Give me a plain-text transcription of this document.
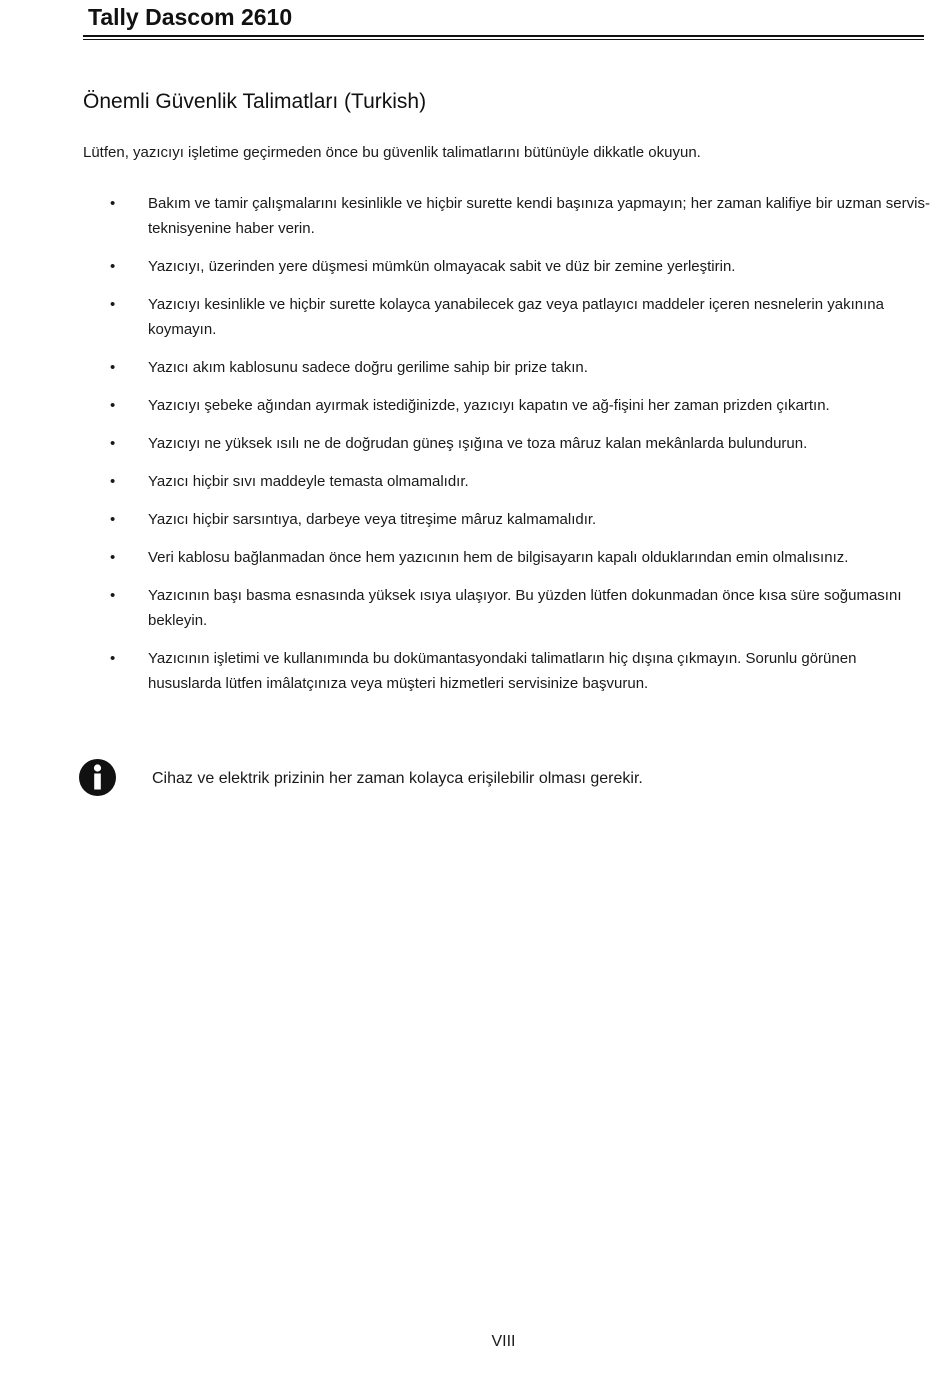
Tally Dascom 2610
Önemli Güvenlik Talimatları (Turkish)
Lütfen, yazıcıyı işletime geçirmeden önce bu güvenlik talimatlarını bütünüyle dikkatle okuyun.
• Bakım ve tamir çalışmalarını kesinlikle ve hiçbir surette kendi başınıza yapmayın; her zaman kalifiye bir uzman servis-teknisyenine haber verin.
• Yazıcıyı, üzerinden yere düşmesi mümkün olmayacak sabit ve düz bir zemine yerleştirin.
• Yazıcıyı kesinlikle ve hiçbir surette kolayca yanabilecek gaz veya patlayıcı maddeler içeren nesnelerin yakınına koymayın.
• Yazıcı akım kablosunu sadece doğru gerilime sahip bir prize takın.
• Yazıcıyı şebeke ağından ayırmak istediğinizde, yazıcıyı kapatın ve ağ-fişini her zaman prizden çıkartın.
• Yazıcıyı ne yüksek ısılı ne de doğrudan güneş ışığına ve toza mâruz kalan mekânlarda bulundurun.
• Yazıcı hiçbir sıvı maddeyle temasta olmamalıdır.
• Yazıcı hiçbir sarsıntıya, darbeye veya titreşime mâruz kalmamalıdır.
• Veri kablosu bağlanmadan önce hem yazıcının hem de bilgisayarın kapalı olduklarından emin olmalısınız.
• Yazıcının başı basma esnasında yüksek ısıya ulaşıyor. Bu yüzden lütfen dokunmadan önce kısa süre soğumasını bekleyin.
• Yazıcının işletimi ve kullanımında bu dokümantasyondaki talimatların hiç dışına çıkmayın. Sorunlu görünen hususlarda lütfen imâlatçınıza veya müşteri hizmetleri servisinize başvurun.
Cihaz ve elektrik prizinin her zaman kolayca erişilebilir olması gerekir.
VIII
